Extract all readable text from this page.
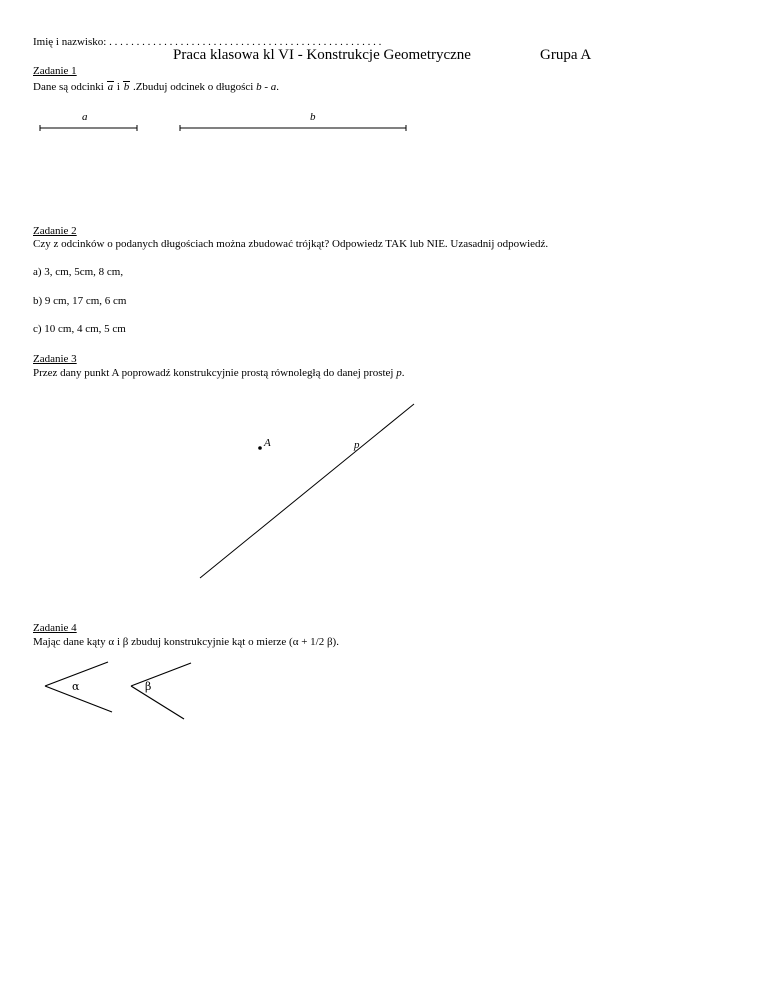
Imię i nazwisko: . . . . . . . . . . . . . . . . . . . . . . . . . . . . . . . . . . . . . . . . . . . . . . . . . .
Praca klasowa kl VI - Konstrukcje Geometryczne	Grupa A
Zadanie 1
Dane są odcinki a i b .Zbuduj odcinek o długości b - a.
a	b
Zadanie 2
Czy z odcinków o podanych długościach można zbudować trójkąt? Odpowiedz TAK lub NIE. Uzasadnij odpowiedź.
a) 3, cm, 5cm, 8 cm,
b) 9 cm, 17 cm, 6 cm
c) 10 cm, 4 cm, 5 cm
Zadanie 3
Przez dany punkt A poprowadź konstrukcyjnie prostą równoległą do danej prostej p.
A	p
Zadanie 4
Mając dane kąty α i β zbuduj konstrukcyjnie kąt o mierze (α + 1/2 β).
α	β
